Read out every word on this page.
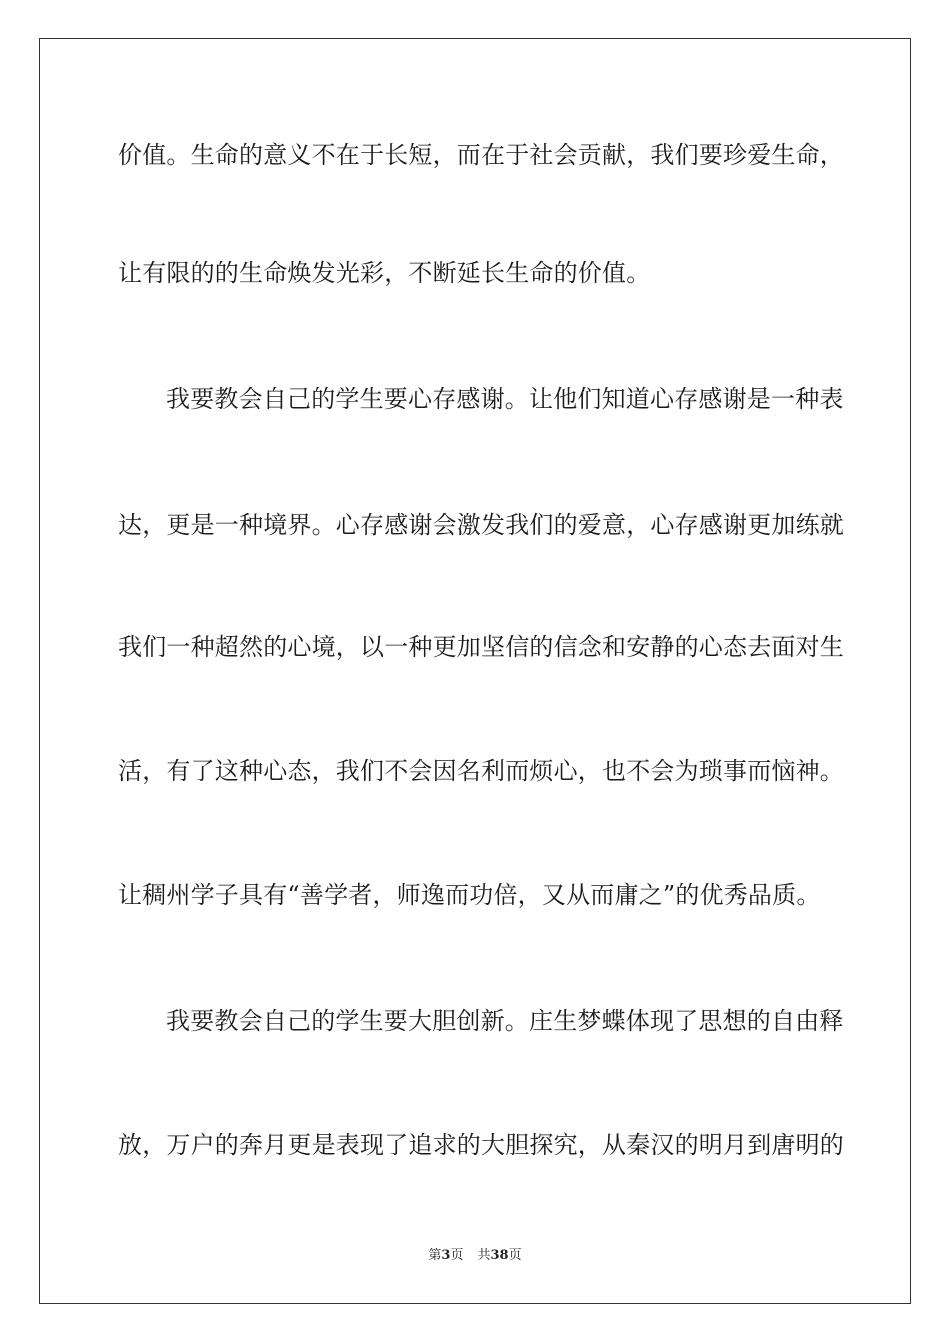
价值。生命的意义不在于长短，而在于社会贡献，我们要珍爱生命，
让有限的的生命焕发光彩，不断延长生命的价值。
我要教会自己的学生要心存感谢。让他们知道心存感谢是一种表
达，更是一种境界。心存感谢会激发我们的爱意，心存感谢更加练就
我们一种超然的心境，以一种更加坚信的信念和安静的心态去面对生
活，有了这种心态，我们不会因名利而烦心，也不会为琐事而恼神。
让稠州学子具有“善学者，师逸而功倍，又从而庸之”的优秀品质。
我要教会自己的学生要大胆创新。庄生梦蝶体现了思想的自由释
放，万户的奔月更是表现了追求的大胆探究，从秦汉的明月到唐明的
第3页 共38页
